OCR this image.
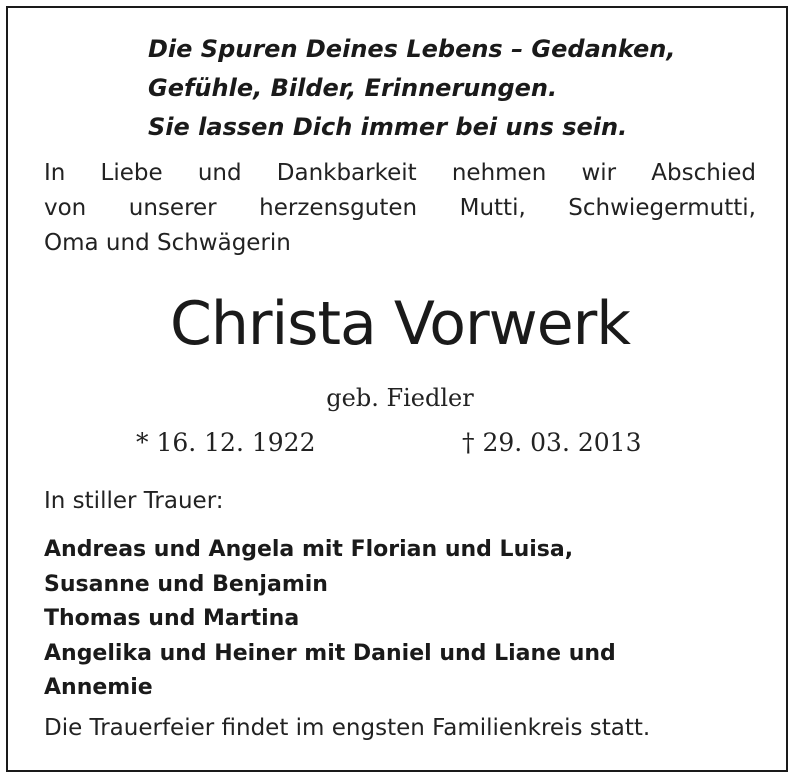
Die Spuren Deines Lebens – Gedanken,
Gefühle, Bilder, Erinnerungen.
Sie lassen Dich immer bei uns sein.
In Liebe und Dankbarkeit nehmen wir Abschied
von unserer herzensguten Mutti, Schwiegermutti,
Oma und Schwägerin
Christa Vorwerk
geb. Fiedler
* 16. 12. 1922	† 29. 03. 2013
In stiller Trauer:
Andreas und Angela mit Florian und Luisa,
Susanne und Benjamin
Thomas und Martina
Angelika und Heiner mit Daniel und Liane und
Annemie
Die Trauerfeier findet im engsten Familienkreis statt.
